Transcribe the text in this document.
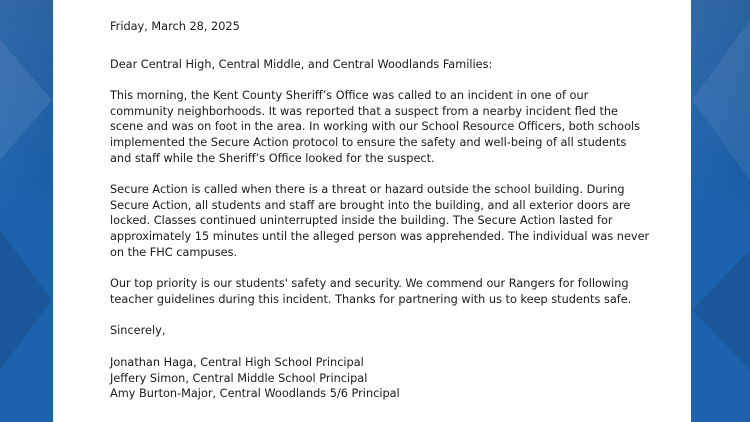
Friday, March 28, 2025

Dear Central High, Central Middle, and Central Woodlands Families:

This morning, the Kent County Sheriff’s Office was called to an incident in one of our community neighborhoods. It was reported that a suspect from a nearby incident fled the scene and was on foot in the area. In working with our School Resource Officers, both schools implemented the Secure Action protocol to ensure the safety and well-being of all students and staff while the Sheriff’s Office looked for the suspect.

Secure Action is called when there is a threat or hazard outside the school building. During Secure Action, all students and staff are brought into the building, and all exterior doors are locked. Classes continued uninterrupted inside the building. The Secure Action lasted for approximately 15 minutes until the alleged person was apprehended. The individual was never on the FHC campuses.

Our top priority is our students' safety and security. We commend our Rangers for following teacher guidelines during this incident. Thanks for partnering with us to keep students safe.

Sincerely,

Jonathan Haga, Central High School Principal
Jeffery Simon, Central Middle School Principal
Amy Burton-Major, Central Woodlands 5/6 Principal
